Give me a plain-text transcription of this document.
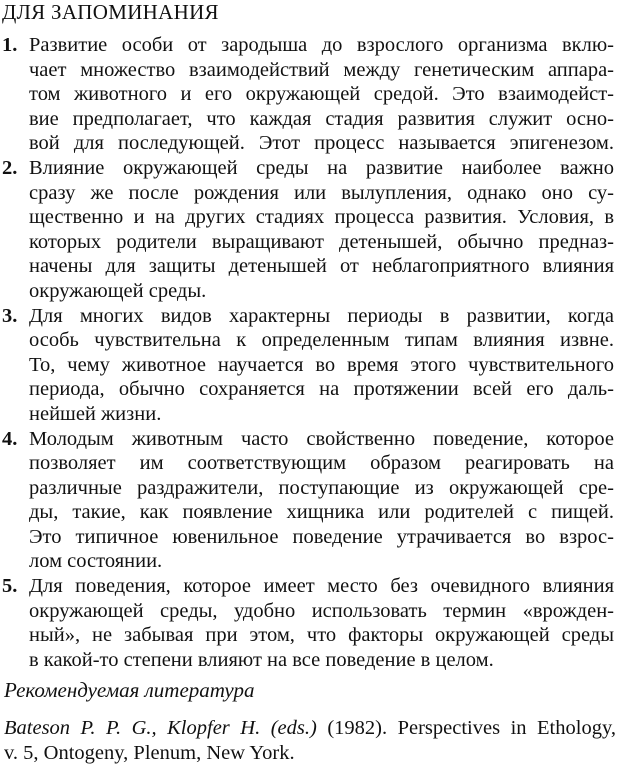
ДЛЯ ЗАПОМИНАНИЯ
1. Развитие особи от зародыша до взрослого организма вклю-
чает множество взаимодействий между генетическим аппара-
том животного и его окружающей средой. Это взаимодейст-
вие предполагает, что каждая стадия развития служит осно-
вой для последующей. Этот процесс называется эпигенезом.
2. Влияние окружающей среды на развитие наиболее важно
сразу же после рождения или вылупления, однако оно су-
щественно и на других стадиях процесса развития. Условия, в
которых родители выращивают детенышей, обычно предназ-
начены для защиты детенышей от неблагоприятного влияния
окружающей среды.
3. Для многих видов характерны периоды в развитии, когда
особь чувствительна к определенным типам влияния извне.
То, чему животное научается во время этого чувствительного
периода, обычно сохраняется на протяжении всей его даль-
нейшей жизни.
4. Молодым животным часто свойственно поведение, которое
позволяет им соответствующим образом реагировать на
различные раздражители, поступающие из окружающей сре-
ды, такие, как появление хищника или родителей с пищей.
Это типичное ювенильное поведение утрачивается во взрос-
лом состоянии.
5. Для поведения, которое имеет место без очевидного влияния
окружающей среды, удобно использовать термин «врожден-
ный», не забывая при этом, что факторы окружающей среды
в какой-то степени влияют на все поведение в целом.
Рекомендуемая литература
Bateson P. P. G., Klopfer H. (eds.) (1982). Perspectives in Ethology,
v. 5, Ontogeny, Plenum, New York.
